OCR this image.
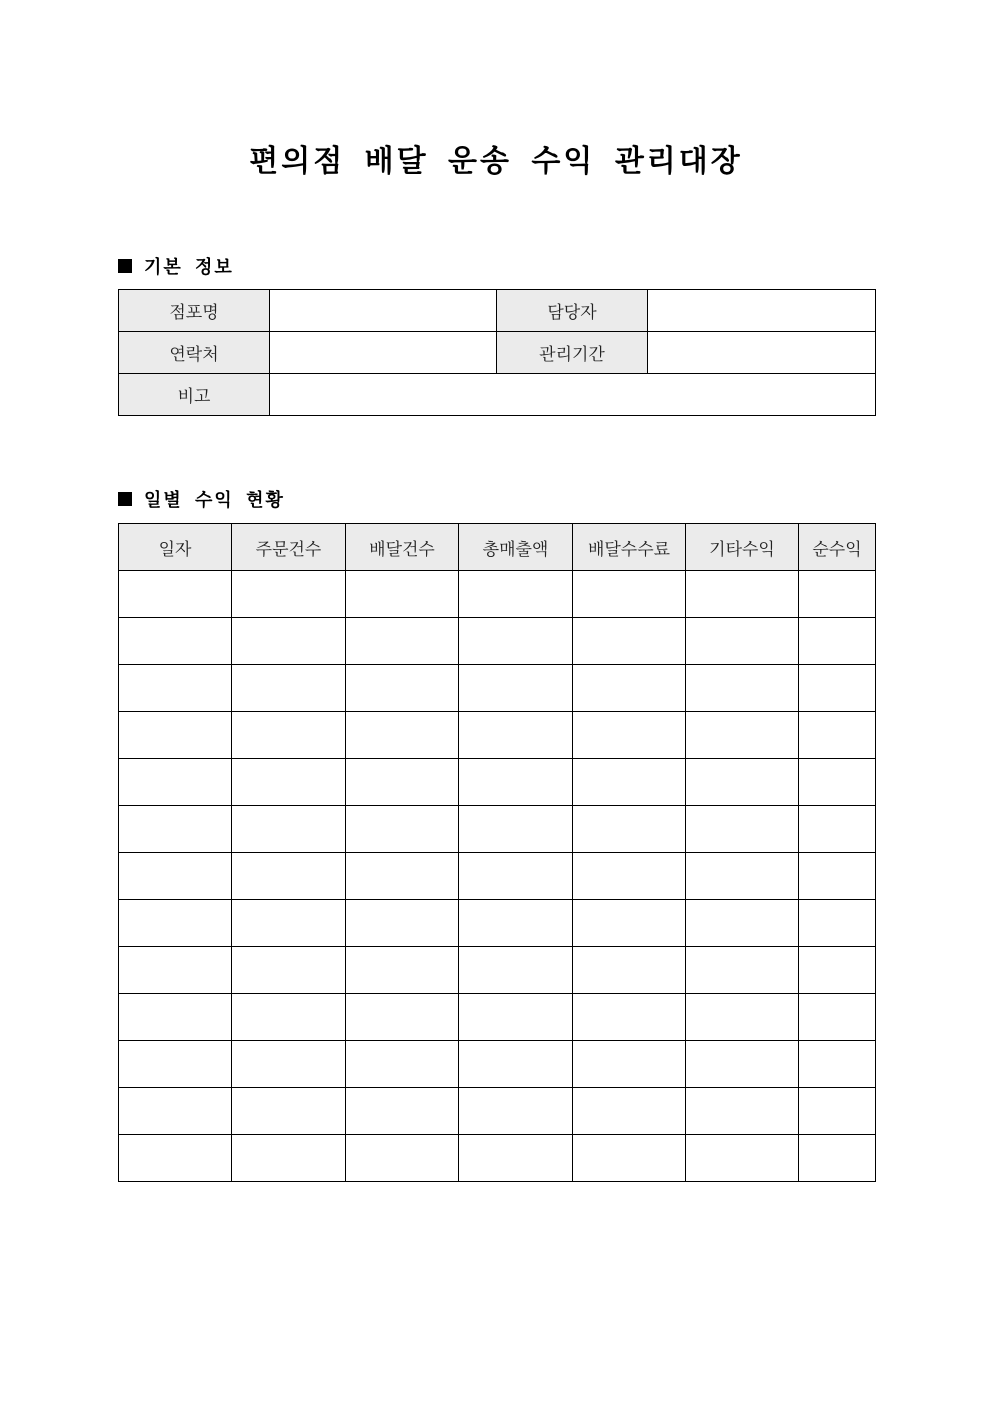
편의점 배달 운송 수익 관리대장
기본 정보
점포명		담당자	
연락처		관리기간	
비고			
일별 수익 현황
일자	주문건수	배달건수	총매출액	배달수수료	기타수익	순수익
